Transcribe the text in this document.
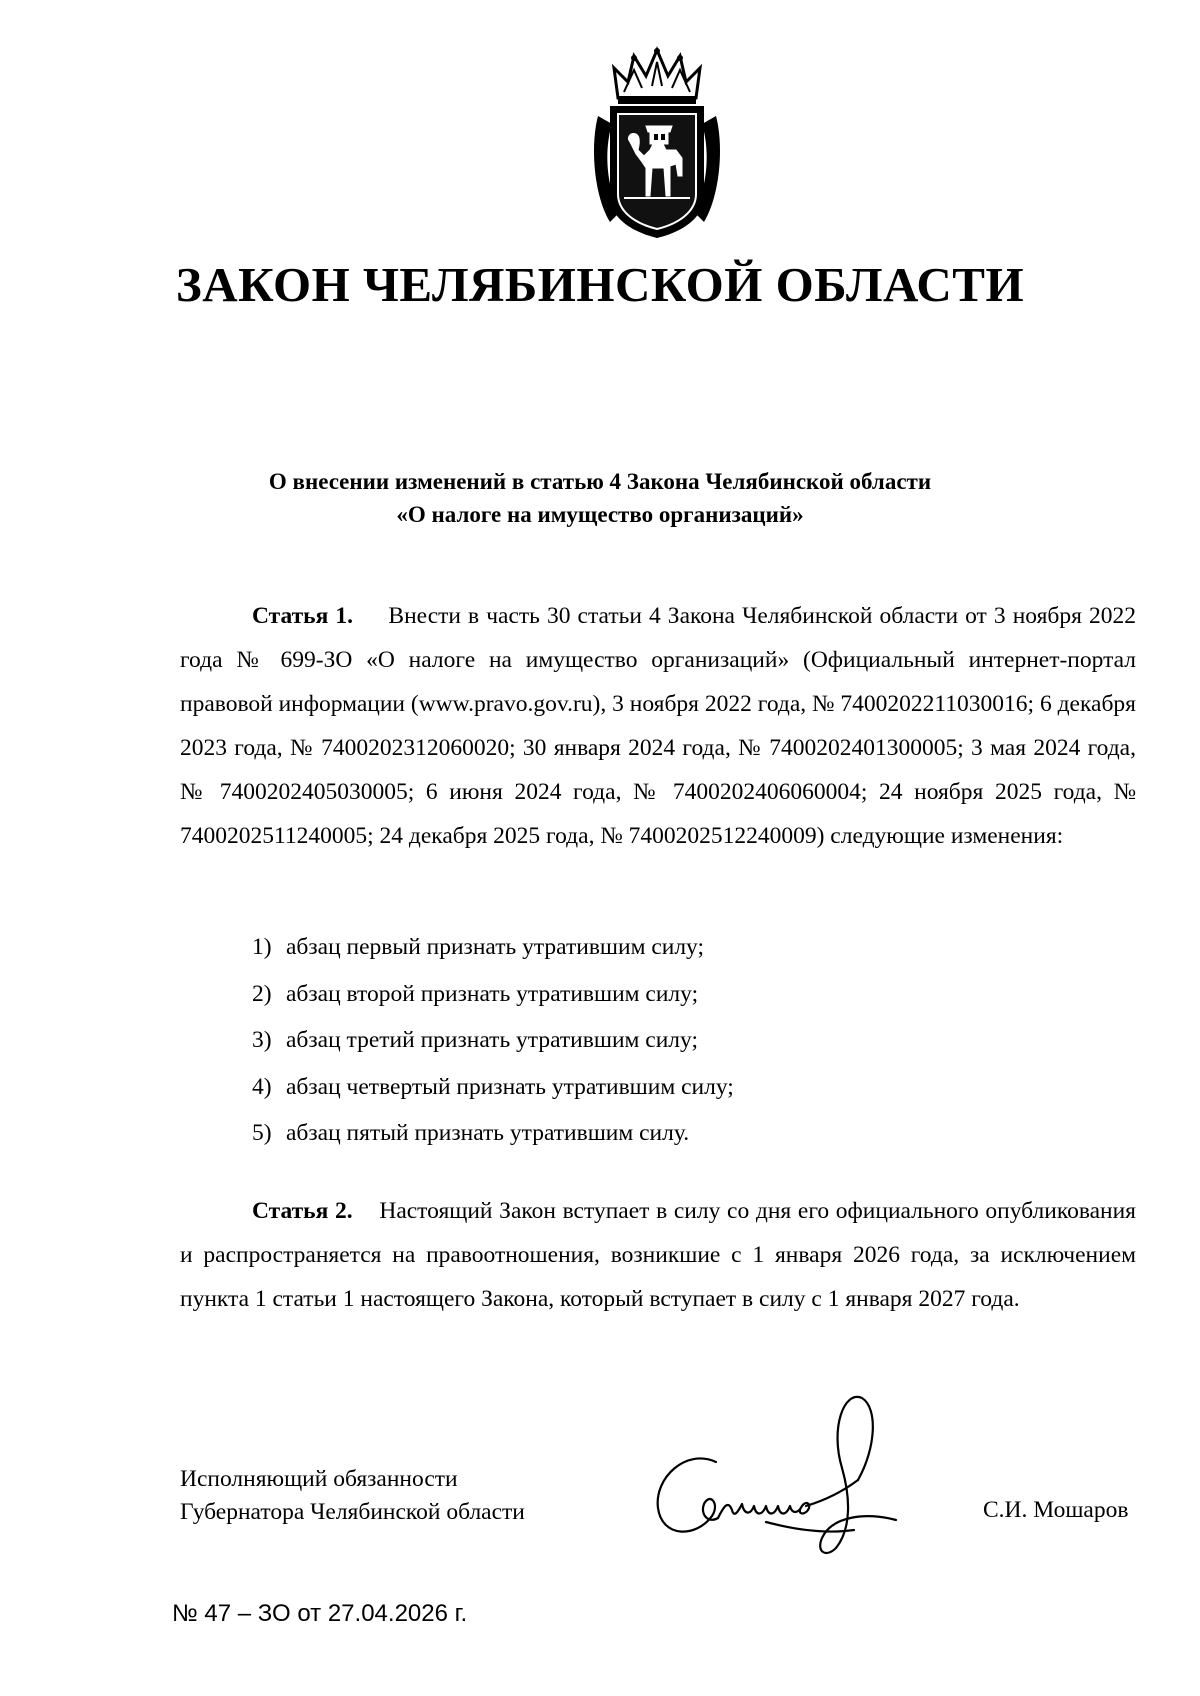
ЗАКОН ЧЕЛЯБИНСКОЙ ОБЛАСТИ
О внесении изменений в статью 4 Закона Челябинской области
«О налоге на имущество организаций»

Статья 1. Внести в часть 30 статьи 4 Закона Челябинской области от 3 ноября 2022 года № 699-ЗО «О налоге на имущество организаций» (Официальный интернет-портал правовой информации (www.pravo.gov.ru), 3 ноября 2022 года, № 7400202211030016; 6 декабря 2023 года, № 7400202312060020; 30 января 2024 года, № 7400202401300005; 3 мая 2024 года, № 7400202405030005; 6 июня 2024 года, № 7400202406060004; 24 ноября 2025 года, № 7400202511240005; 24 декабря 2025 года, № 7400202512240009) следующие изменения:

1) абзац первый признать утратившим силу;
2) абзац второй признать утратившим силу;
3) абзац третий признать утратившим силу;
4) абзац четвертый признать утратившим силу;
5) абзац пятый признать утратившим силу.

Статья 2. Настоящий Закон вступает в силу со дня его официального опубликования и распространяется на правоотношения, возникшие с 1 января 2026 года, за исключением пункта 1 статьи 1 настоящего Закона, который вступает в силу с 1 января 2027 года.

Исполняющий обязанности
Губернатора Челябинской области	С.И. Мошаров
№ 47 – ЗО от 27.04.2026 г.
